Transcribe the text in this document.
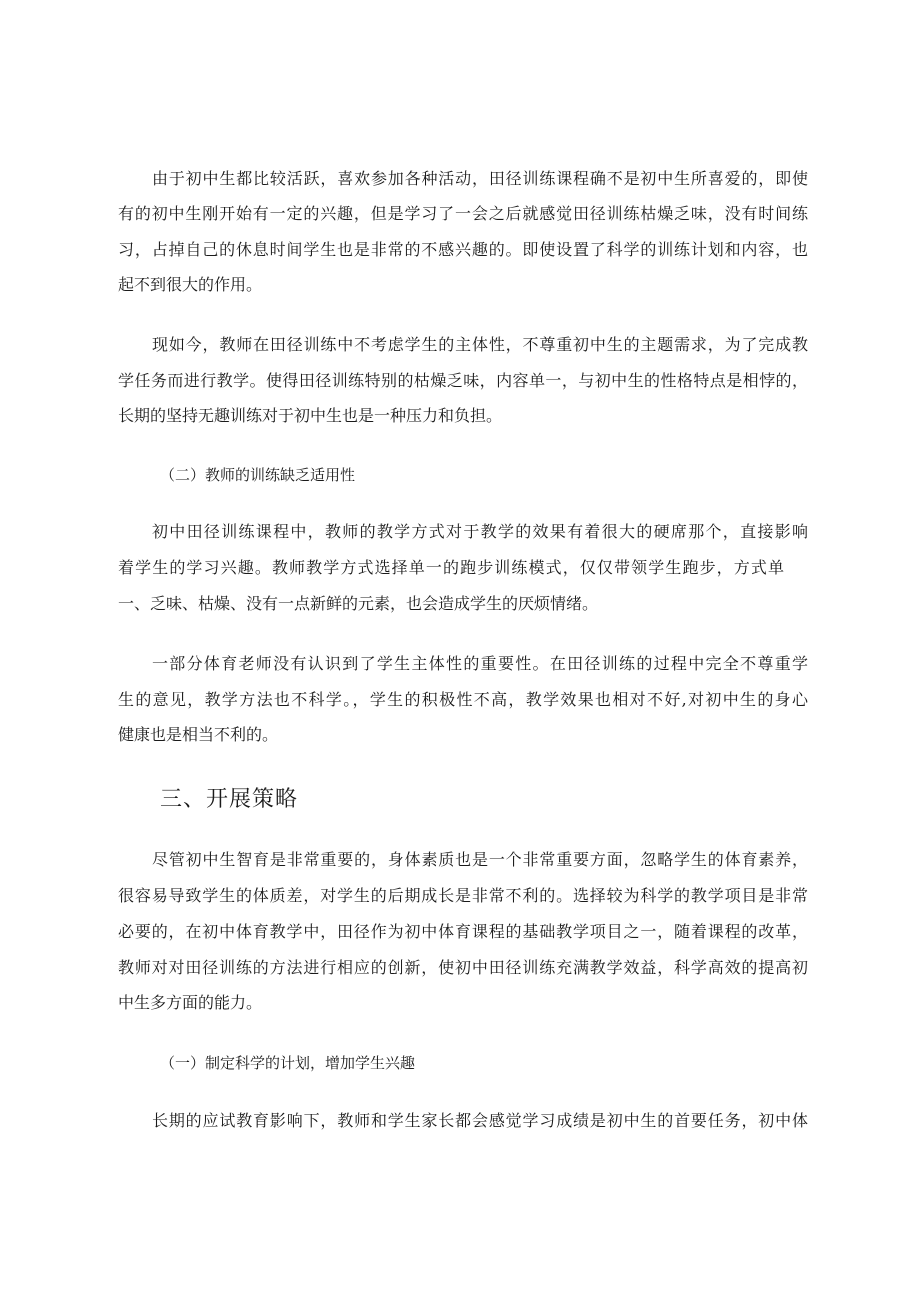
由于初中生都比较活跃，喜欢参加各种活动，田径训练课程确不是初中生所喜爱的，即使
有的初中生刚开始有一定的兴趣，但是学习了一会之后就感觉田径训练枯燥乏味，没有时间练
习，占掉自己的休息时间学生也是非常的不感兴趣的。即使设置了科学的训练计划和内容，也
起不到很大的作用。
现如今，教师在田径训练中不考虑学生的主体性，不尊重初中生的主题需求，为了完成教
学任务而进行教学。使得田径训练特别的枯燥乏味，内容单一，与初中生的性格特点是相悖的，
长期的坚持无趣训练对于初中生也是一种压力和负担。
（二）教师的训练缺乏适用性
初中田径训练课程中，教师的教学方式对于教学的效果有着很大的硬席那个，直接影响
着学生的学习兴趣。教师教学方式选择单一的跑步训练模式，仅仅带领学生跑步，方式单
一、乏味、枯燥、没有一点新鲜的元素，也会造成学生的厌烦情绪。
一部分体育老师没有认识到了学生主体性的重要性。在田径训练的过程中完全不尊重学
生的意见，教学方法也不科学。，学生的积极性不高，教学效果也相对不好,对初中生的身心
健康也是相当不利的。
三、开展策略
尽管初中生智育是非常重要的，身体素质也是一个非常重要方面，忽略学生的体育素养，
很容易导致学生的体质差，对学生的后期成长是非常不利的。选择较为科学的教学项目是非常
必要的，在初中体育教学中，田径作为初中体育课程的基础教学项目之一，随着课程的改革，
教师对对田径训练的方法进行相应的创新，使初中田径训练充满教学效益，科学高效的提高初
中生多方面的能力。
（一）制定科学的计划，增加学生兴趣
长期的应试教育影响下，教师和学生家长都会感觉学习成绩是初中生的首要任务，初中体
